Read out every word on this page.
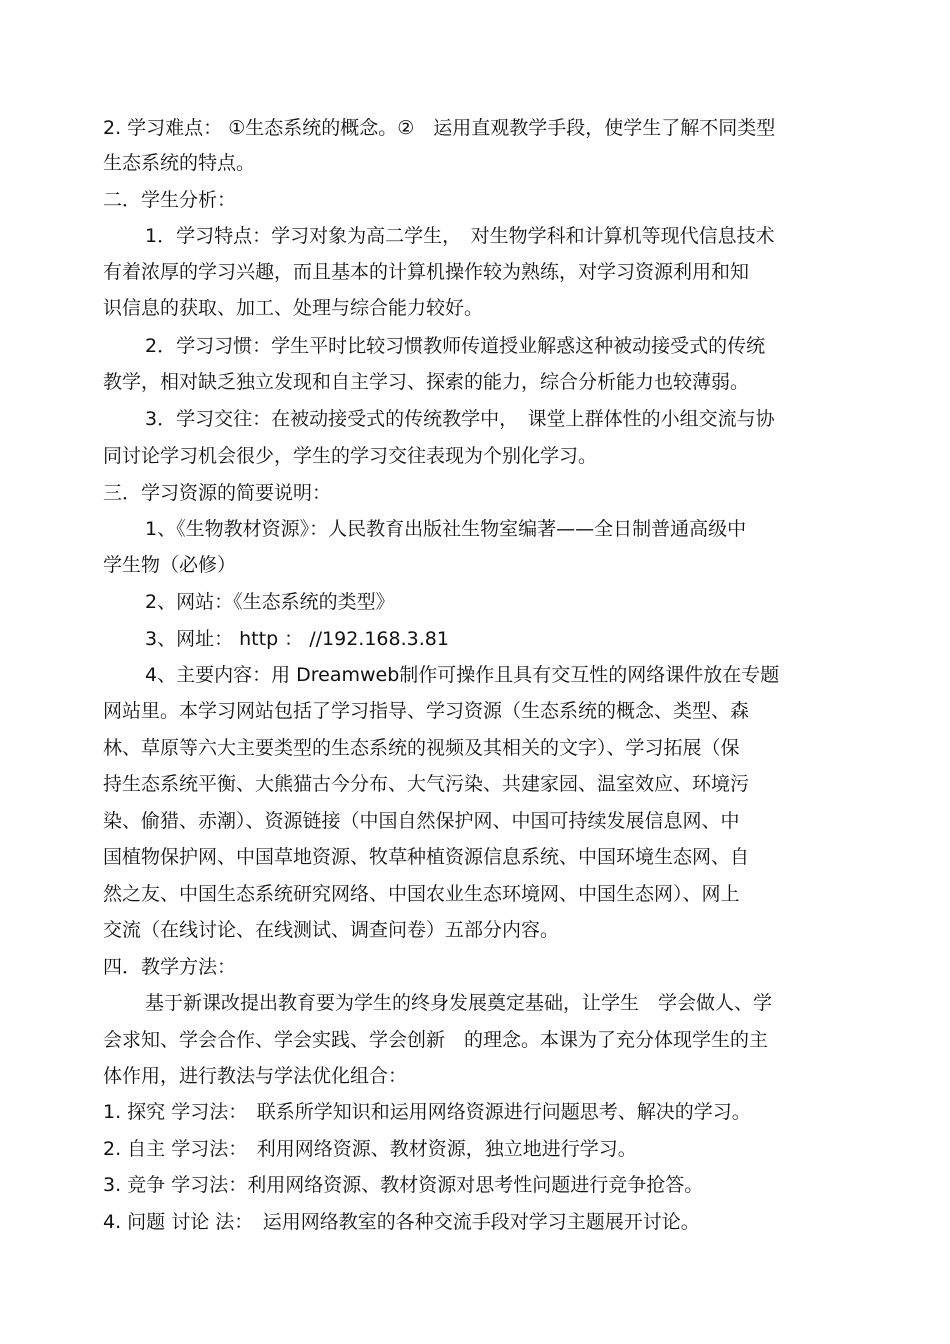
2. 学习难点： ①生态系统的概念。②　运用直观教学手段，使学生了解不同类型
生态系统的特点。
二．学生分析：
1．学习特点：学习对象为高二学生，　对生物学科和计算机等现代信息技术
有着浓厚的学习兴趣，而且基本的计算机操作较为熟练，对学习资源利用和知
识信息的获取、加工、处理与综合能力较好。
2．学习习惯：学生平时比较习惯教师传道授业解惑这种被动接受式的传统
教学，相对缺乏独立发现和自主学习、探索的能力，综合分析能力也较薄弱。
3．学习交往：在被动接受式的传统教学中，　课堂上群体性的小组交流与协
同讨论学习机会很少，学生的学习交往表现为个别化学习。
三．学习资源的简要说明：
1、《生物教材资源》：人民教育出版社生物室编著——全日制普通高级中
学生物（必修）
2、网站：《生态系统的类型》
3、网址： http ： //192.168.3.81
4、主要内容：用 Dreamweb制作可操作且具有交互性的网络课件放在专题
网站里。本学习网站包括了学习指导、学习资源（生态系统的概念、类型、森
林、草原等六大主要类型的生态系统的视频及其相关的文字）、学习拓展（保
持生态系统平衡、大熊猫古今分布、大气污染、共建家园、温室效应、环境污
染、偷猎、赤潮）、资源链接（中国自然保护网、中国可持续发展信息网、中
国植物保护网、中国草地资源、牧草种植资源信息系统、中国环境生态网、自
然之友、中国生态系统研究网络、中国农业生态环境网、中国生态网）、网上
交流（在线讨论、在线测试、调查问卷）五部分内容。
四．教学方法：
基于新课改提出教育要为学生的终身发展奠定基础，让学生　学会做人、学
会求知、学会合作、学会实践、学会创新　的理念。本课为了充分体现学生的主
体作用，进行教法与学法优化组合：
1. 探究 学习法：　联系所学知识和运用网络资源进行问题思考、解决的学习。
2. 自主 学习法：　利用网络资源、教材资源，独立地进行学习。
3. 竞争 学习法：利用网络资源、教材资源对思考性问题进行竞争抢答。
4. 问题 讨论 法：　运用网络教室的各种交流手段对学习主题展开讨论。
